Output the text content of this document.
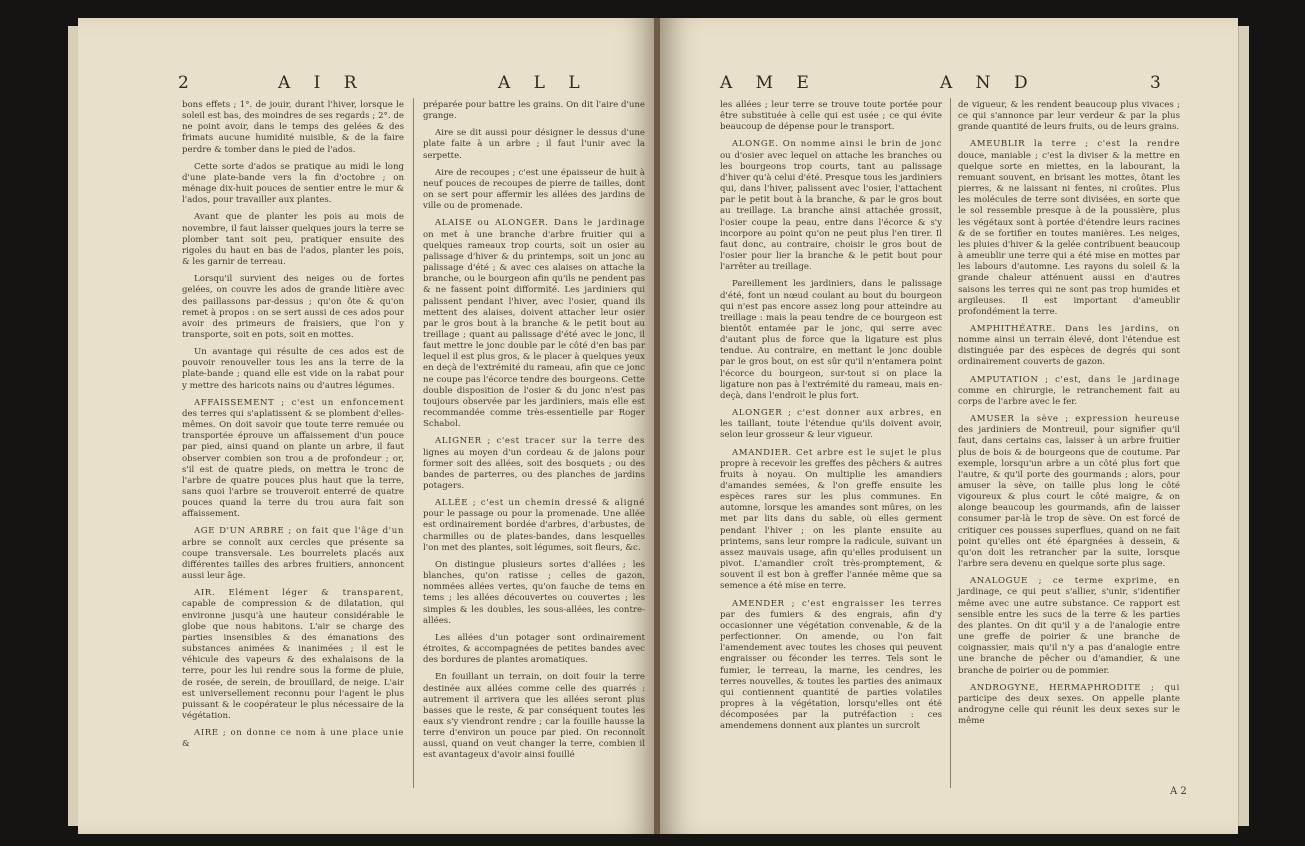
2	A I R	A L L

bons effets ; 1°. de jouir, durant l'hiver, lorsque le soleil est bas, des moindres de ses regards ; 2°. de ne point avoir, dans le temps des gelées & des frimats aucune humidité nuisible, & de la faire perdre & tomber dans le pied de l'ados.

Cette sorte d'ados se pratique au midi le long d'une plate-bande vers la fin d'octobre ; on ménage dix-huit pouces de sentier entre le mur & l'ados, pour travailler aux plantes.

Avant que de planter les pois au mois de novembre, il faut laisser quelques jours la terre se plomber tant soit peu, pratiquer ensuite des rigoles du haut en bas de l'ados, planter les pois, & les garnir de terreau.

Lorsqu'il survient des neiges ou de fortes gelées, on couvre les ados de grande litière avec des paillassons par-dessus ; qu'on ôte & qu'on remet à propos : on se sert aussi de ces ados pour avoir des primeurs de fraisiers, que l'on y transporte, soit en pots, soit en mottes.

Un avantage qui résulte de ces ados est de pouvoir renouveller tous les ans la terre de la plate-bande ; quand elle est vide on la rabat pour y mettre des haricots nains ou d'autres légumes.

AFFAISSEMENT ; c'est un enfoncement des terres qui s'aplatissent & se plombent d'elles-mêmes. On doit savoir que toute terre remuée ou transportée éprouve un affaissement d'un pouce par pied, ainsi quand on plante un arbre, il faut observer combien son trou a de profondeur ; or, s'il est de quatre pieds, on mettra le tronc de l'arbre de quatre pouces plus haut que la terre, sans quoi l'arbre se trouveroit enterré de quatre pouces quand la terre du trou aura fait son affaissement.

AGE D'UN ARBRE ; on fait que l'âge d'un arbre se connoît aux cercles que présente sa coupe transversale. Les bourrelets placés aux différentes tailles des arbres fruitiers, annoncent aussi leur âge.

AIR. Elément léger & transparent, capable de compression & de dilatation, qui environne jusqu'à une hauteur considérable le globe que nous habitons. L'air se charge des parties insensibles & des émanations des substances animées & inanimées ; il est le véhicule des vapeurs & des exhalaisons de la terre, pour les lui rendre sous la forme de pluie, de rosée, de serein, de brouillard, de neige. L'air est universellement reconnu pour l'agent le plus puissant & le coopérateur le plus nécessaire de la végétation.

AIRE ; on donne ce nom à une place unie &

préparée pour battre les grains. On dit l'aire d'une grange.

Aire se dit aussi pour désigner le dessus d'une plate faite à un arbre ; il faut l'unir avec la serpette.

Aire de recoupes ; c'est une épaisseur de huit à neuf pouces de recoupes de pierre de tailles, dont on se sert pour affermir les allées des jardins de ville ou de promenade.

ALAISE ou ALONGER. Dans le jardinage on met à une branche d'arbre fruitier qui a quelques rameaux trop courts, soit un osier au palissage d'hiver & du printemps, soit un jonc au palissage d'été ; & avec ces alaises on attache la branche, ou le bourgeon afin qu'ils ne pendent pas & ne fassent point difformité. Les jardiniers qui palissent pendant l'hiver, avec l'osier, quand ils mettent des alaises, doivent attacher leur osier par le gros bout à la branche & le petit bout au treillage ; quant au palissage d'été avec le jonc, il faut mettre le jonc double par le côté d'en bas par lequel il est plus gros, & le placer à quelques yeux en deçà de l'extrémité du rameau, afin que ce jonc ne coupe pas l'écorce tendre des bourgeons. Cette double disposition de l'osier & du jonc n'est pas toujours observée par les jardiniers, mais elle est recommandée comme très-essentielle par Roger Schabol.

ALIGNER ; c'est tracer sur la terre des lignes au moyen d'un cordeau & de jalons pour former soit des allées, soit des bosquets ; ou des bandes de parterres, ou des planches de jardins potagers.

ALLÉE ; c'est un chemin dressé & aligné pour le passage ou pour la promenade. Une allée est ordinairement bordée d'arbres, d'arbustes, de charmilles ou de plates-bandes, dans lesquelles l'on met des plantes, soit légumes, soit fleurs, &c.

On distingue plusieurs sortes d'allées ; les blanches, qu'on ratisse ; celles de gazon, nommées allées vertes, qu'on fauche de tems en tems ; les allées découvertes ou couvertes ; les simples & les doubles, les sous-allées, les contre-allées.

Les allées d'un potager sont ordinairement étroites, & accompagnées de petites bandes avec des bordures de plantes aromatiques.

En fouillant un terrain, on doit fouir la terre destinée aux allées comme celle des quarrés : autrement il arrivera que les allées seront plus basses que le reste, & par conséquent toutes les eaux s'y viendront rendre ; car la fouille hausse la terre d'environ un pouce par pied. On reconnoît aussi, quand on veut changer la terre, combien il est avantageux d'avoir ainsi fouillé

A M E	A N D	3

les allées ; leur terre se trouve toute portée pour être substituée à celle qui est usée ; ce qui évite beaucoup de dépense pour le transport.

ALONGE. On nomme ainsi le brin de jonc ou d'osier avec lequel on attache les branches ou les bourgeons trop courts, tant au palissage d'hiver qu'à celui d'été. Presque tous les jardiniers qui, dans l'hiver, palissent avec l'osier, l'attachent par le petit bout à la branche, & par le gros bout au treillage. La branche ainsi attachée grossit, l'osier coupe la peau, entre dans l'écorce & s'y incorpore au point qu'on ne peut plus l'en tirer. Il faut donc, au contraire, choisir le gros bout de l'osier pour lier la branche & le petit bout pour l'arrêter au treillage.

Pareillement les jardiniers, dans le palissage d'été, font un nœud coulant au bout du bourgeon qui n'est pas encore assez long pour atteindre au treillage : mais la peau tendre de ce bourgeon est bientôt entamée par le jonc, qui serre avec d'autant plus de force que la ligature est plus tendue. Au contraire, en mettant le jonc double par le gros bout, on est sûr qu'il n'entamera point l'écorce du bourgeon, sur-tout si on place la ligature non pas à l'extrémité du rameau, mais en-deçà, dans l'endroit le plus fort.

ALONGER ; c'est donner aux arbres, en les taillant, toute l'étendue qu'ils doivent avoir, selon leur grosseur & leur vigueur.

AMANDIER. Cet arbre est le sujet le plus propre à recevoir les greffes des pêchers & autres fruits à noyau. On multiplie les amandiers d'amandes semées, & l'on greffe ensuite les espèces rares sur les plus communes. En automne, lorsque les amandes sont mûres, on les met par lits dans du sable, où elles germent pendant l'hiver ; on les plante ensuite au printems, sans leur rompre la radicule, suivant un assez mauvais usage, afin qu'elles produisent un pivot. L'amandier croît très-promptement, & souvent il est bon à greffer l'année même que sa semence a été mise en terre.

AMENDER ; c'est engraisser les terres par des fumiers & des engrais, afin d'y occasionner une végétation convenable, & de la perfectionner. On amende, ou l'on fait l'amendement avec toutes les choses qui peuvent engraisser ou féconder les terres. Tels sont le fumier, le terreau, la marne, les cendres, les terres nouvelles, & toutes les parties des animaux qui contiennent quantité de parties volatiles propres à la végétation, lorsqu'elles ont été décomposées par la putréfaction : ces amendemens donnent aux plantes un surcroît

de vigueur, & les rendent beaucoup plus vivaces ; ce qui s'annonce par leur verdeur & par la plus grande quantité de leurs fruits, ou de leurs grains.

AMEUBLIR la terre ; c'est la rendre douce, maniable ; c'est la diviser & la mettre en quelque sorte en miettes, en la labourant, la remuant souvent, en brisant les mottes, ôtant les pierres, & ne laissant ni fentes, ni croûtes. Plus les molécules de terre sont divisées, en sorte que le sol ressemble presque à de la poussière, plus les végétaux sont à portée d'étendre leurs racines & de se fortifier en toutes manières. Les neiges, les pluies d'hiver & la gelée contribuent beaucoup à ameublir une terre qui a été mise en mottes par les labours d'automne. Les rayons du soleil & la grande chaleur atténuent aussi en d'autres saisons les terres qui ne sont pas trop humides et argileuses. Il est important d'ameublir profondément la terre.

AMPHITHÉATRE. Dans les jardins, on nomme ainsi un terrain élevé, dont l'étendue est distinguée par des espèces de degrés qui sont ordinairement couverts de gazon.

AMPUTATION ; c'est, dans le jardinage comme en chirurgie, le retranchement fait au corps de l'arbre avec le fer.

AMUSER la sève ; expression heureuse des jardiniers de Montreuil, pour signifier qu'il faut, dans certains cas, laisser à un arbre fruitier plus de bois & de bourgeons que de coutume. Par exemple, lorsqu'un arbre a un côté plus fort que l'autre, & qu'il porte des gourmands ; alors, pour amuser la sève, on taille plus long le côté vigoureux & plus court le côté maigre, & on alonge beaucoup les gourmands, afin de laisser consumer par-là le trop de sève. On est forcé de critiquer ces pousses superflues, quand on ne fait point qu'elles ont été épargnées à dessein, & qu'on doit les retrancher par la suite, lorsque l'arbre sera devenu en quelque sorte plus sage.

ANALOGUE ; ce terme exprime, en jardinage, ce qui peut s'allier, s'unir, s'identifier même avec une autre substance. Ce rapport est sensible entre les sucs de la terre & les parties des plantes. On dit qu'il y a de l'analogie entre une greffe de poirier & une branche de coignassier, mais qu'il n'y a pas d'analogie entre une branche de pêcher ou d'amandier, & une branche de poirier ou de pommier.

ANDROGYNE, HERMAPHRODITE ; qui participe des deux sexes. On appelle plante androgyne celle qui réunit les deux sexes sur le même

A 2
